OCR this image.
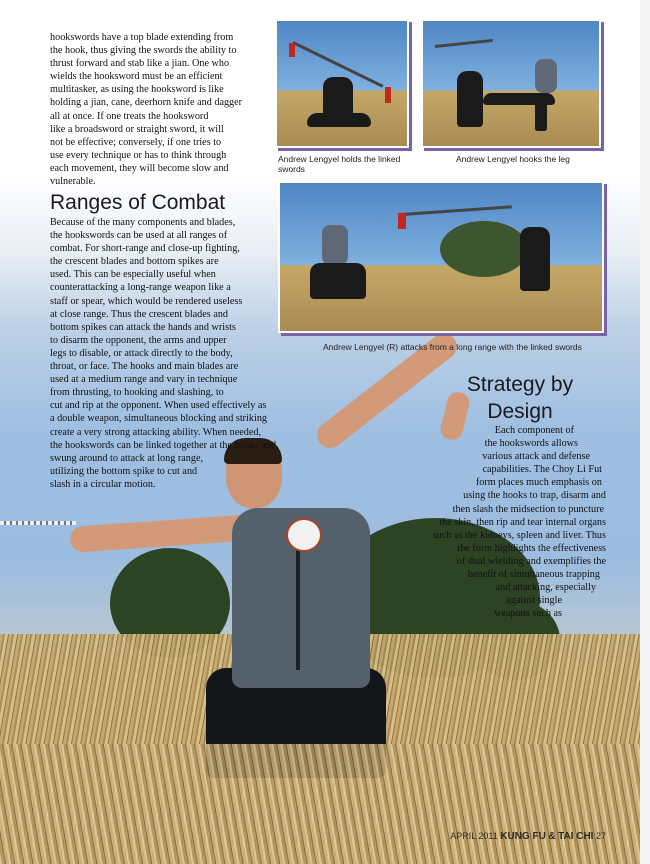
hookswords have a top blade extending from
the hook, thus giving the swords the ability to
thrust forward and stab like a jian. One who
wields the hooksword must be an efficient
multitasker, as using the hooksword is like
holding a jian, cane, deerhorn knife and dagger
all at once. If one treats the hooksword
like a broadsword or straight sword, it will
not be effective; conversely, if one tries to
use every technique or has to think through
each movement, they will become slow and
vulnerable.
Andrew Lengyel holds the linked
swords
Andrew Lengyel hooks the leg
Ranges of Combat
Andrew Lengyel (R) attacks from a long range with the linked swords
Because of the many components and blades,
the hookswords can be used at all ranges of
combat. For short-range and close-up fighting,
the crescent blades and bottom spikes are
used. This can be especially useful when
counterattacking a long-range weapon like a
staff or spear, which would be rendered useless
at close range. Thus the crescent blades and
bottom spikes can attack the hands and wrists
to disarm the opponent, the arms and upper
legs to disable, or attack directly to the body,
throat, or face. The hooks and main blades are
used at a medium range and vary in technique
from thrusting, to hooking and slashing, to
cut and rip at the opponent. When used effectively as
a double weapon, simultaneous blocking and striking
create a very strong attacking ability. When needed,
the hookswords can be linked together at the hooks and
swung around to attack at long range,
utilizing the bottom spike to cut and
slash in a circular motion.
Strategy by
Design
Each component of
the hookswords allows
various attack and defense
capabilities. The Choy Li Fut
form places much emphasis on
using the hooks to trap, disarm and
then slash the midsection to puncture
the skin, then rip and tear internal organs
such as the kidneys, spleen and liver. Thus
the form highlights the effectiveness
of dual wielding and exemplifies the
benefit of simultaneous trapping
and attacking, especially
against single
weapons such as
APRIL 2011 KUNG FU & TAI CHI 27
